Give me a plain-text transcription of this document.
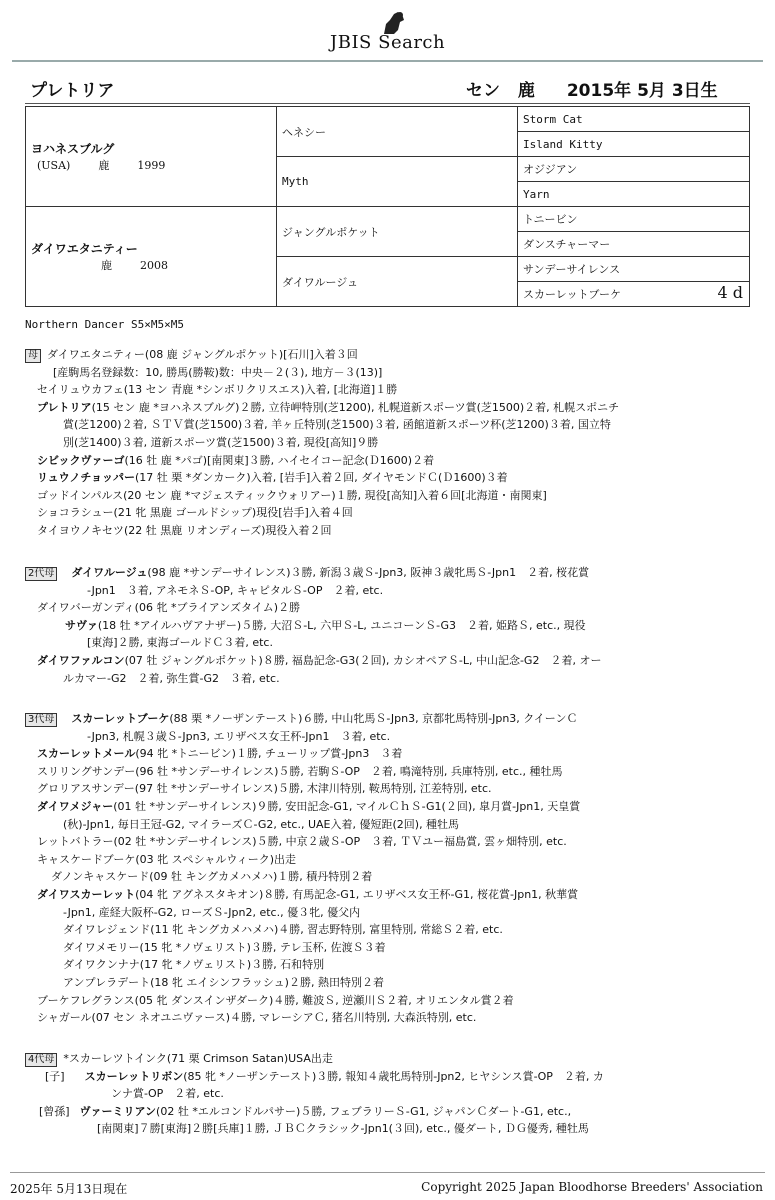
JBIS Search
プレトリア	セン 鹿 2015年 5月 3日生
ヨハネスブルグ
(USA) 鹿 1999	ヘネシー	Storm Cat
		Island Kitty
	Myth	オジジアン
		Yarn

ダイワエタニティー
鹿 2008	ジャングルポケット	トニービン
		ダンスチャーマー
	ダイワルージュ	サンデーサイレンス
		スカーレットブーケ 4 d
Northern Dancer S5×M5×M5
母 ダイワエタニティー(08 鹿 ジャングルポケット)[石川]入着３回
[産駒馬名登録数：10, 勝馬(勝鞍)数：中央－２(３), 地方－３(13)]
セイリュウカフェ(13 セン 青鹿 *シンボリクリスエス)入着, [北海道]１勝
プレトリア(15 セン 鹿 *ヨハネスブルグ)２勝, 立待岬特別(芝1200), 札幌道新スポーツ賞(芝1500)２着, 札幌スポニチ
賞(芝1200)２着, ＳＴＶ賞(芝1500)３着, 羊ヶ丘特別(芝1500)３着, 函館道新スポーツ杯(芝1200)３着, 国立特
別(芝1400)３着, 道新スポーツ賞(芝1500)３着, 現役[高知]９勝
シビックヴァーゴ(16 牡 鹿 *パゴ)[南関東]３勝, ハイセイコー記念(Ｄ1600)２着
リュウノチョッパー(17 牡 栗 *ダンカーク)入着, [岩手]入着２回, ダイヤモンドＣ(Ｄ1600)３着
ゴッドインパルス(20 セン 鹿 *マジェスティックウォリアー)１勝, 現役[高知]入着６回[北海道・南関東]
ショコラシュー(21 牝 黒鹿 ゴールドシップ)現役[岩手]入着４回
タイヨウノキセツ(22 牡 黒鹿 リオンディーズ)現役入着２回
2代母 ダイワルージュ(98 鹿 *サンデーサイレンス)３勝, 新潟３歳Ｓ-Jpn3, 阪神３歳牝馬Ｓ-Jpn1　２着, 桜花賞
-Jpn1　３着, アネモネＳ-OP, キャピタルＳ-OP　２着, etc.
ダイワバーガンディ(06 牝 *ブライアンズタイム)２勝
サヴァ(18 牡 *アイルハヴアナザー)５勝, 大沼Ｓ-L, 六甲Ｓ-L, ユニコーンＳ-G3　２着, 姫路Ｓ, etc., 現役
[東海]２勝, 東海ゴールドＣ３着, etc.
ダイワファルコン(07 牡 ジャングルポケット)８勝, 福島記念-G3(２回), カシオペアＳ-L, 中山記念-G2　２着, オー
ルカマー-G2　２着, 弥生賞-G2　３着, etc.
3代母 スカーレットブーケ(88 栗 *ノーザンテースト)６勝, 中山牝馬Ｓ-Jpn3, 京都牝馬特別-Jpn3, クイーンＣ
-Jpn3, 札幌３歳Ｓ-Jpn3, エリザベス女王杯-Jpn1　３着, etc.
スカーレットメール(94 牝 *トニービン)１勝, チューリップ賞-Jpn3　３着
スリリングサンデー(96 牡 *サンデーサイレンス)５勝, 若駒Ｓ-OP　２着, 鳴滝特別, 兵庫特別, etc., 種牡馬
グロリアスサンデー(97 牡 *サンデーサイレンス)５勝, 木津川特別, 鞍馬特別, 江差特別, etc.
ダイワメジャー(01 牡 *サンデーサイレンス)９勝, 安田記念-G1, マイルＣｈＳ-G1(２回), 皐月賞-Jpn1, 天皇賞
(秋)-Jpn1, 毎日王冠-G2, マイラーズＣ-G2, etc., UAE入着, 優短距(2回), 種牡馬
レットバトラー(02 牡 *サンデーサイレンス)５勝, 中京２歳Ｓ-OP　３着, ＴＶユー福島賞, 雲ヶ畑特別, etc.
キャスケードブーケ(03 牝 スペシャルウィーク)出走
ダノンキャスケード(09 牡 キングカメハメハ)１勝, 積丹特別２着
ダイワスカーレット(04 牝 アグネスタキオン)８勝, 有馬記念-G1, エリザベス女王杯-G1, 桜花賞-Jpn1, 秋華賞
-Jpn1, 産経大阪杯-G2, ローズＳ-Jpn2, etc., 優３牝, 優父内
ダイワレジェンド(11 牝 キングカメハメハ)４勝, 習志野特別, 富里特別, 常総Ｓ２着, etc.
ダイワメモリー(15 牝 *ノヴェリスト)３勝, テレ玉杯, 佐渡Ｓ３着
ダイワクンナナ(17 牝 *ノヴェリスト)３勝, 石和特別
アンプレラデート(18 牝 エイシンフラッシュ)２勝, 熱田特別２着
ブーケフレグランス(05 牝 ダンスインザダーク)４勝, 難波Ｓ, 逆瀬川Ｓ２着, オリエンタル賞２着
シャガール(07 セン ネオユニヴァース)４勝, マレーシアＣ, 猪名川特別, 大森浜特別, etc.
4代母 *スカーレツトインク(71 栗 Crimson Satan)USA出走
[子] スカーレットリボン(85 牝 *ノーザンテースト)３勝, 報知４歳牝馬特別-Jpn2, ヒヤシンス賞-OP　２着, カ
ンナ賞-OP　２着, etc.
[曾孫] ヴァーミリアン(02 牡 *エルコンドルパサー)５勝, フェブラリーＳ-G1, ジャパンＣダート-G1, etc.,
[南関東]７勝[東海]２勝[兵庫]１勝, ＪＢＣクラシック-Jpn1(３回), etc., 優ダート, ＤＧ優秀, 種牡馬
2025年 5月13日現在	Copyright 2025 Japan Bloodhorse Breeders' Association
